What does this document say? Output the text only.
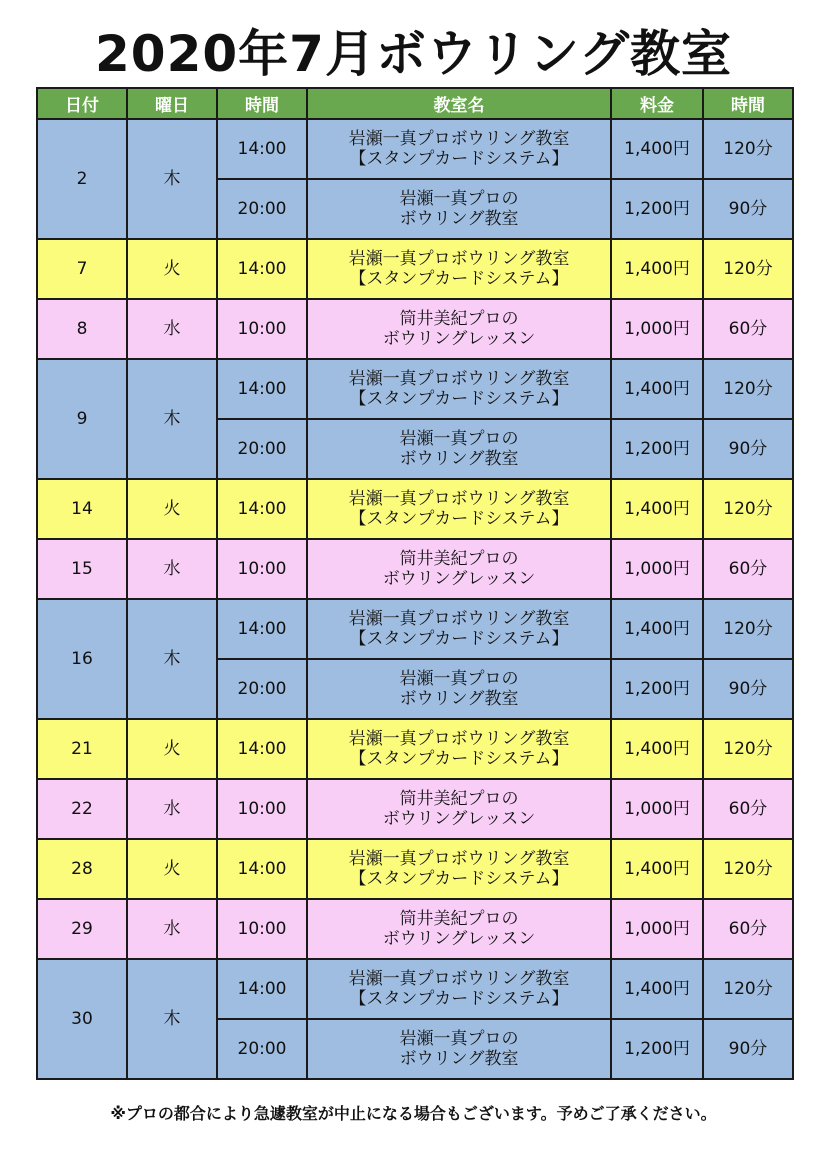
2020年7月ボウリング教室
日付	曜日	時間	教室名	料金	時間
2	木	14:00	岩瀬一真プロボウリング教室
【スタンプカードシステム】	1,400円	120分
		20:00	岩瀬一真プロの
ボウリング教室	1,200円	90分
7	火	14:00	岩瀬一真プロボウリング教室
【スタンプカードシステム】	1,400円	120分
8	水	10:00	筒井美紀プロの
ボウリングレッスン	1,000円	60分
9	木	14:00	岩瀬一真プロボウリング教室
【スタンプカードシステム】	1,400円	120分
		20:00	岩瀬一真プロの
ボウリング教室	1,200円	90分
14	火	14:00	岩瀬一真プロボウリング教室
【スタンプカードシステム】	1,400円	120分
15	水	10:00	筒井美紀プロの
ボウリングレッスン	1,000円	60分
16	木	14:00	岩瀬一真プロボウリング教室
【スタンプカードシステム】	1,400円	120分
		20:00	岩瀬一真プロの
ボウリング教室	1,200円	90分
21	火	14:00	岩瀬一真プロボウリング教室
【スタンプカードシステム】	1,400円	120分
22	水	10:00	筒井美紀プロの
ボウリングレッスン	1,000円	60分
28	火	14:00	岩瀬一真プロボウリング教室
【スタンプカードシステム】	1,400円	120分
29	水	10:00	筒井美紀プロの
ボウリングレッスン	1,000円	60分
30	木	14:00	岩瀬一真プロボウリング教室
【スタンプカードシステム】	1,400円	120分
		20:00	岩瀬一真プロの
ボウリング教室	1,200円	90分
※プロの都合により急遽教室が中止になる場合もございます。予めご了承ください。
